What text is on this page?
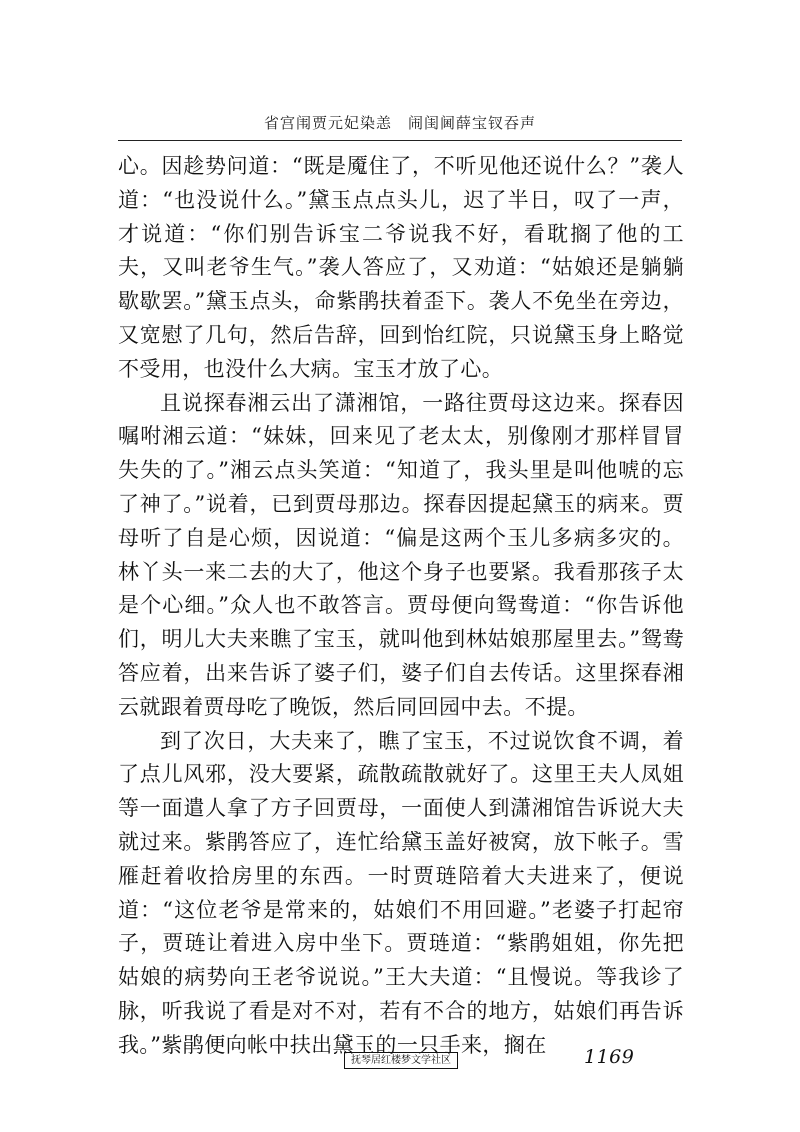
省宫闱贾元妃染恙　闹闺阃薛宝钗吞声

心。因趁势问道：“既是魇住了，不听见他还说什么？”袭人道：“也没说什么。”黛玉点点头儿，迟了半日，叹了一声，才说道：“你们别告诉宝二爷说我不好，看耽搁了他的工夫，又叫老爷生气。”袭人答应了，又劝道：“姑娘还是躺躺歇歇罢。”黛玉点头，命紫鹃扶着歪下。袭人不免坐在旁边，又宽慰了几句，然后告辞，回到怡红院，只说黛玉身上略觉不受用，也没什么大病。宝玉才放了心。

且说探春湘云出了潇湘馆，一路往贾母这边来。探春因嘱咐湘云道：“妹妹，回来见了老太太，别像刚才那样冒冒失失的了。”湘云点头笑道：“知道了，我头里是叫他唬的忘了神了。”说着，已到贾母那边。探春因提起黛玉的病来。贾母听了自是心烦，因说道：“偏是这两个玉儿多病多灾的。林丫头一来二去的大了，他这个身子也要紧。我看那孩子太是个心细。”众人也不敢答言。贾母便向鸳鸯道：“你告诉他们，明儿大夫来瞧了宝玉，就叫他到林姑娘那屋里去。”鸳鸯答应着，出来告诉了婆子们，婆子们自去传话。这里探春湘云就跟着贾母吃了晚饭，然后同回园中去。不提。

到了次日，大夫来了，瞧了宝玉，不过说饮食不调，着了点儿风邪，没大要紧，疏散疏散就好了。这里王夫人凤姐等一面遣人拿了方子回贾母，一面使人到潇湘馆告诉说大夫就过来。紫鹃答应了，连忙给黛玉盖好被窝，放下帐子。雪雁赶着收拾房里的东西。一时贾琏陪着大夫进来了，便说道：“这位老爷是常来的，姑娘们不用回避。”老婆子打起帘子，贾琏让着进入房中坐下。贾琏道：“紫鹃姐姐，你先把姑娘的病势向王老爷说说。”王大夫道：“且慢说。等我诊了脉，听我说了看是对不对，若有不合的地方，姑娘们再告诉我。”紫鹃便向帐中扶出黛玉的一只手来，搁在

抚琴居红楼梦文学社区	1169
